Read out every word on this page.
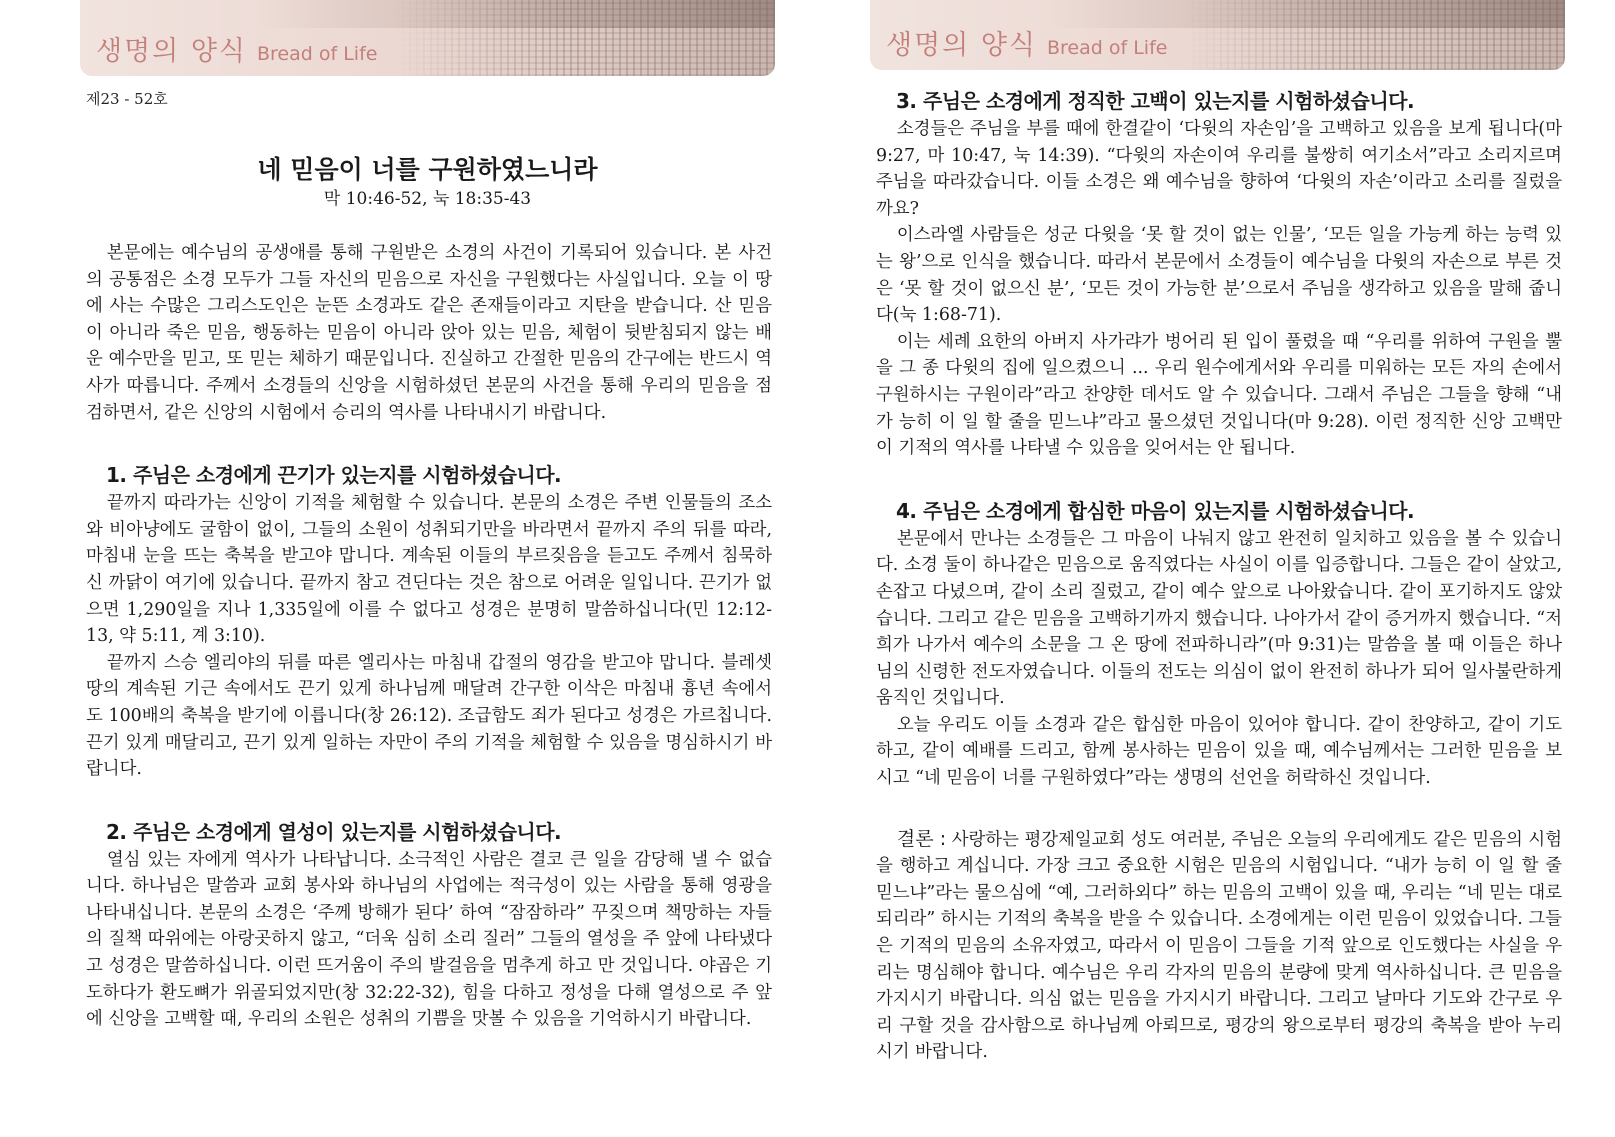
생명의 양식 Bread of Life
제23 - 52호
네 믿음이 너를 구원하였느니라
막 10:46-52, 눅 18:35-43

본문에는 예수님의 공생애를 통해 구원받은 소경의 사건이 기록되어 있습니다. 본 사건의 공통점은 소경 모두가 그들 자신의 믿음으로 자신을 구원했다는 사실입니다. 오늘 이 땅에 사는 수많은 그리스도인은 눈뜬 소경과도 같은 존재들이라고 지탄을 받습니다. 산 믿음이 아니라 죽은 믿음, 행동하는 믿음이 아니라 앉아 있는 믿음, 체험이 뒷받침되지 않는 배운 예수만을 믿고, 또 믿는 체하기 때문입니다. 진실하고 간절한 믿음의 간구에는 반드시 역사가 따릅니다. 주께서 소경들의 신앙을 시험하셨던 본문의 사건을 통해 우리의 믿음을 점검하면서, 같은 신앙의 시험에서 승리의 역사를 나타내시기 바랍니다.

1. 주님은 소경에게 끈기가 있는지를 시험하셨습니다.

끝까지 따라가는 신앙이 기적을 체험할 수 있습니다. 본문의 소경은 주변 인물들의 조소와 비아냥에도 굴함이 없이, 그들의 소원이 성취되기만을 바라면서 끝까지 주의 뒤를 따라, 마침내 눈을 뜨는 축복을 받고야 맙니다. 계속된 이들의 부르짖음을 듣고도 주께서 침묵하신 까닭이 여기에 있습니다. 끝까지 참고 견딘다는 것은 참으로 어려운 일입니다. 끈기가 없으면 1,290일을 지나 1,335일에 이를 수 없다고 성경은 분명히 말씀하십니다(민 12:12-13, 약 5:11, 계 3:10).

끝까지 스승 엘리야의 뒤를 따른 엘리사는 마침내 갑절의 영감을 받고야 맙니다. 블레셋 땅의 계속된 기근 속에서도 끈기 있게 하나님께 매달려 간구한 이삭은 마침내 흉년 속에서도 100배의 축복을 받기에 이릅니다(창 26:12). 조급함도 죄가 된다고 성경은 가르칩니다. 끈기 있게 매달리고, 끈기 있게 일하는 자만이 주의 기적을 체험할 수 있음을 명심하시기 바랍니다.

2. 주님은 소경에게 열성이 있는지를 시험하셨습니다.

열심 있는 자에게 역사가 나타납니다. 소극적인 사람은 결코 큰 일을 감당해 낼 수 없습니다. 하나님은 말씀과 교회 봉사와 하나님의 사업에는 적극성이 있는 사람을 통해 영광을 나타내십니다. 본문의 소경은 ‘주께 방해가 된다’ 하여 “잠잠하라” 꾸짖으며 책망하는 자들의 질책 따위에는 아랑곳하지 않고, “더욱 심히 소리 질러” 그들의 열성을 주 앞에 나타냈다고 성경은 말씀하십니다. 이런 뜨거움이 주의 발걸음을 멈추게 하고 만 것입니다. 야곱은 기도하다가 환도뼈가 위골되었지만(창 32:22-32), 힘을 다하고 정성을 다해 열성으로 주 앞에 신앙을 고백할 때, 우리의 소원은 성취의 기쁨을 맛볼 수 있음을 기억하시기 바랍니다.

생명의 양식 Bread of Life
3. 주님은 소경에게 정직한 고백이 있는지를 시험하셨습니다.

소경들은 주님을 부를 때에 한결같이 ‘다윗의 자손임’을 고백하고 있음을 보게 됩니다(마 9:27, 마 10:47, 눅 14:39). “다윗의 자손이여 우리를 불쌍히 여기소서”라고 소리지르며 주님을 따라갔습니다. 이들 소경은 왜 예수님을 향하여 ‘다윗의 자손’이라고 소리를 질렀을까요?

이스라엘 사람들은 성군 다윗을 ‘못 할 것이 없는 인물’, ‘모든 일을 가능케 하는 능력 있는 왕’으로 인식을 했습니다. 따라서 본문에서 소경들이 예수님을 다윗의 자손으로 부른 것은 ‘못 할 것이 없으신 분’, ‘모든 것이 가능한 분’으로서 주님을 생각하고 있음을 말해 줍니다(눅 1:68-71).

이는 세례 요한의 아버지 사가랴가 벙어리 된 입이 풀렸을 때 “우리를 위하여 구원을 뿔을 그 종 다윗의 집에 일으켰으니 ... 우리 원수에게서와 우리를 미워하는 모든 자의 손에서 구원하시는 구원이라”라고 찬양한 데서도 알 수 있습니다. 그래서 주님은 그들을 향해 “내가 능히 이 일 할 줄을 믿느냐”라고 물으셨던 것입니다(마 9:28). 이런 정직한 신앙 고백만이 기적의 역사를 나타낼 수 있음을 잊어서는 안 됩니다.

4. 주님은 소경에게 합심한 마음이 있는지를 시험하셨습니다.

본문에서 만나는 소경들은 그 마음이 나눠지 않고 완전히 일치하고 있음을 볼 수 있습니다. 소경 둘이 하나같은 믿음으로 움직였다는 사실이 이를 입증합니다. 그들은 같이 살았고, 손잡고 다녔으며, 같이 소리 질렀고, 같이 예수 앞으로 나아왔습니다. 같이 포기하지도 않았습니다. 그리고 같은 믿음을 고백하기까지 했습니다. 나아가서 같이 증거까지 했습니다. “저희가 나가서 예수의 소문을 그 온 땅에 전파하니라”(마 9:31)는 말씀을 볼 때 이들은 하나님의 신령한 전도자였습니다. 이들의 전도는 의심이 없이 완전히 하나가 되어 일사불란하게 움직인 것입니다.

오늘 우리도 이들 소경과 같은 합심한 마음이 있어야 합니다. 같이 찬양하고, 같이 기도하고, 같이 예배를 드리고, 함께 봉사하는 믿음이 있을 때, 예수님께서는 그러한 믿음을 보시고 “네 믿음이 너를 구원하였다”라는 생명의 선언을 허락하신 것입니다.

결론 : 사랑하는 평강제일교회 성도 여러분, 주님은 오늘의 우리에게도 같은 믿음의 시험을 행하고 계십니다. 가장 크고 중요한 시험은 믿음의 시험입니다. “내가 능히 이 일 할 줄 믿느냐”라는 물으심에 “예, 그러하외다” 하는 믿음의 고백이 있을 때, 우리는 “네 믿는 대로 되리라” 하시는 기적의 축복을 받을 수 있습니다. 소경에게는 이런 믿음이 있었습니다. 그들은 기적의 믿음의 소유자였고, 따라서 이 믿음이 그들을 기적 앞으로 인도했다는 사실을 우리는 명심해야 합니다. 예수님은 우리 각자의 믿음의 분량에 맞게 역사하십니다. 큰 믿음을 가지시기 바랍니다. 의심 없는 믿음을 가지시기 바랍니다. 그리고 날마다 기도와 간구로 우리 구할 것을 감사함으로 하나님께 아뢰므로, 평강의 왕으로부터 평강의 축복을 받아 누리시기 바랍니다.
